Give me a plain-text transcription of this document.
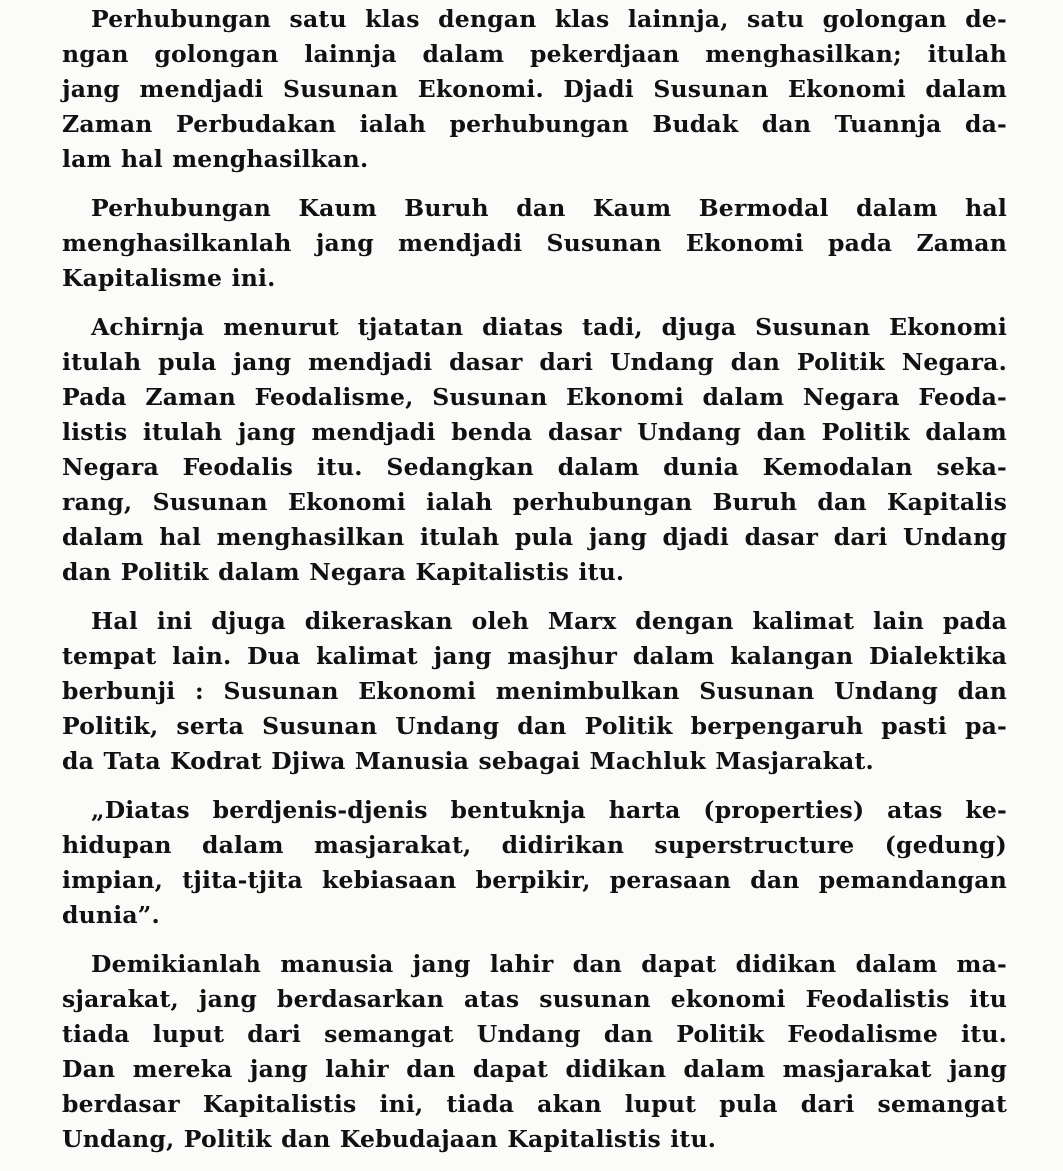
Perhubungan satu klas dengan klas lainnja, satu golongan de-
ngan golongan lainnja dalam pekerdjaan menghasilkan; itulah
jang mendjadi Susunan Ekonomi. Djadi Susunan Ekonomi dalam
Zaman Perbudakan ialah perhubungan Budak dan Tuannja da-
lam hal menghasilkan.

Perhubungan Kaum Buruh dan Kaum Bermodal dalam hal
menghasilkanlah jang mendjadi Susunan Ekonomi pada Zaman
Kapitalisme ini.

Achirnja menurut tjatatan diatas tadi, djuga Susunan Ekonomi
itulah pula jang mendjadi dasar dari Undang dan Politik Negara.
Pada Zaman Feodalisme, Susunan Ekonomi dalam Negara Feoda-
listis itulah jang mendjadi benda dasar Undang dan Politik dalam
Negara Feodalis itu. Sedangkan dalam dunia Kemodalan seka-
rang, Susunan Ekonomi ialah perhubungan Buruh dan Kapitalis
dalam hal menghasilkan itulah pula jang djadi dasar dari Undang
dan Politik dalam Negara Kapitalistis itu.

Hal ini djuga dikeraskan oleh Marx dengan kalimat lain pada
tempat lain. Dua kalimat jang masjhur dalam kalangan Dialektika
berbunji : Susunan Ekonomi menimbulkan Susunan Undang dan
Politik, serta Susunan Undang dan Politik berpengaruh pasti pa-
da Tata Kodrat Djiwa Manusia sebagai Machluk Masjarakat.

„Diatas berdjenis-djenis bentuknja harta (properties) atas ke-
hidupan dalam masjarakat, didirikan superstructure (gedung)
impian, tjita-tjita kebiasaan berpikir, perasaan dan pemandangan
dunia”.

Demikianlah manusia jang lahir dan dapat didikan dalam ma-
sjarakat, jang berdasarkan atas susunan ekonomi Feodalistis itu
tiada luput dari semangat Undang dan Politik Feodalisme itu.
Dan mereka jang lahir dan dapat didikan dalam masjarakat jang
berdasar Kapitalistis ini, tiada akan luput pula dari semangat
Undang, Politik dan Kebudajaan Kapitalistis itu.
